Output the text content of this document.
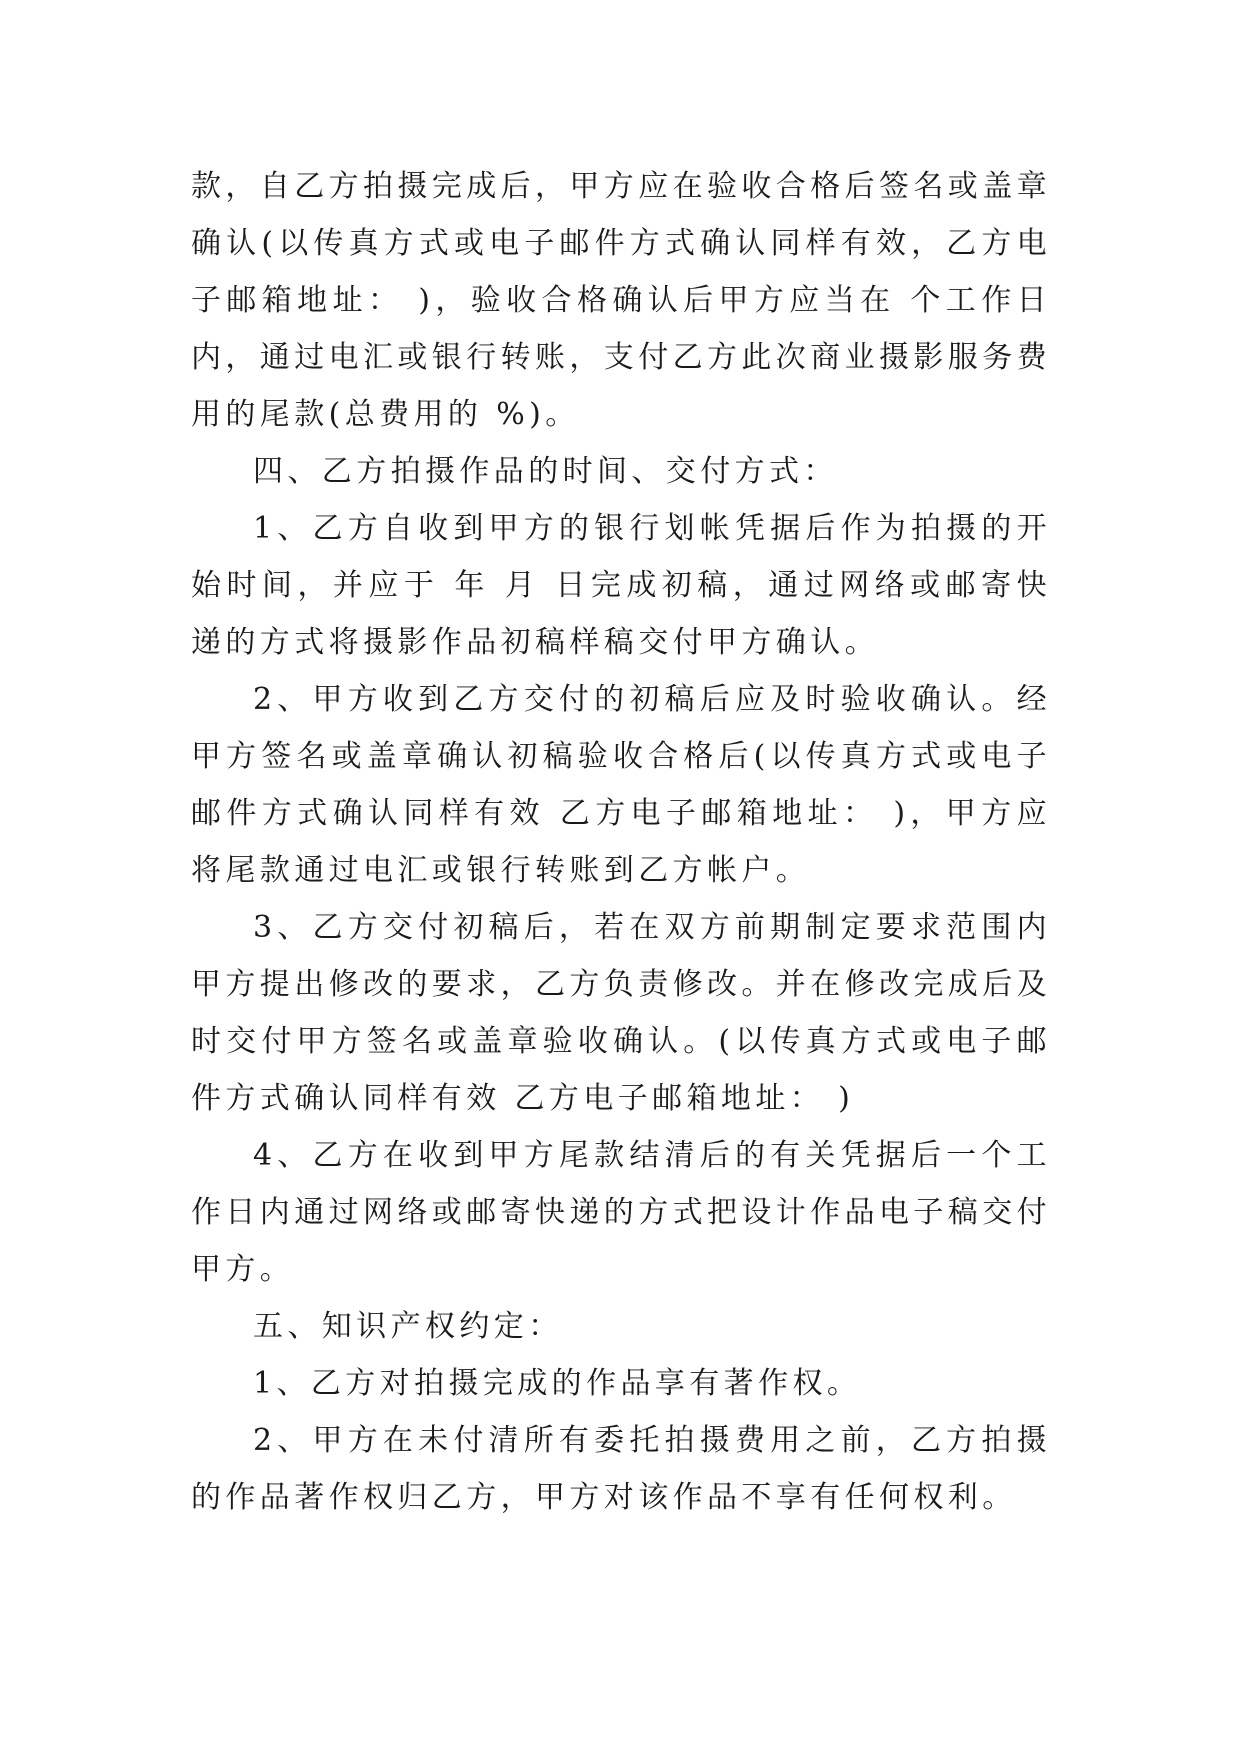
款，自乙方拍摄完成后，甲方应在验收合格后签名或盖章确认(以传真方式或电子邮件方式确认同样有效，乙方电子邮箱地址： )，验收合格确认后甲方应当在 个工作日内，通过电汇或银行转账，支付乙方此次商业摄影服务费用的尾款(总费用的 %)。

四、乙方拍摄作品的时间、交付方式：

1、乙方自收到甲方的银行划帐凭据后作为拍摄的开始时间，并应于 年 月 日完成初稿，通过网络或邮寄快递的方式将摄影作品初稿样稿交付甲方确认。

2、甲方收到乙方交付的初稿后应及时验收确认。经甲方签名或盖章确认初稿验收合格后(以传真方式或电子邮件方式确认同样有效 乙方电子邮箱地址： )，甲方应将尾款通过电汇或银行转账到乙方帐户。

3、乙方交付初稿后，若在双方前期制定要求范围内甲方提出修改的要求，乙方负责修改。并在修改完成后及时交付甲方签名或盖章验收确认。(以传真方式或电子邮件方式确认同样有效 乙方电子邮箱地址： )

4、乙方在收到甲方尾款结清后的有关凭据后一个工作日内通过网络或邮寄快递的方式把设计作品电子稿交付甲方。

五、知识产权约定：

1、乙方对拍摄完成的作品享有著作权。

2、甲方在未付清所有委托拍摄费用之前，乙方拍摄的作品著作权归乙方，甲方对该作品不享有任何权利。
